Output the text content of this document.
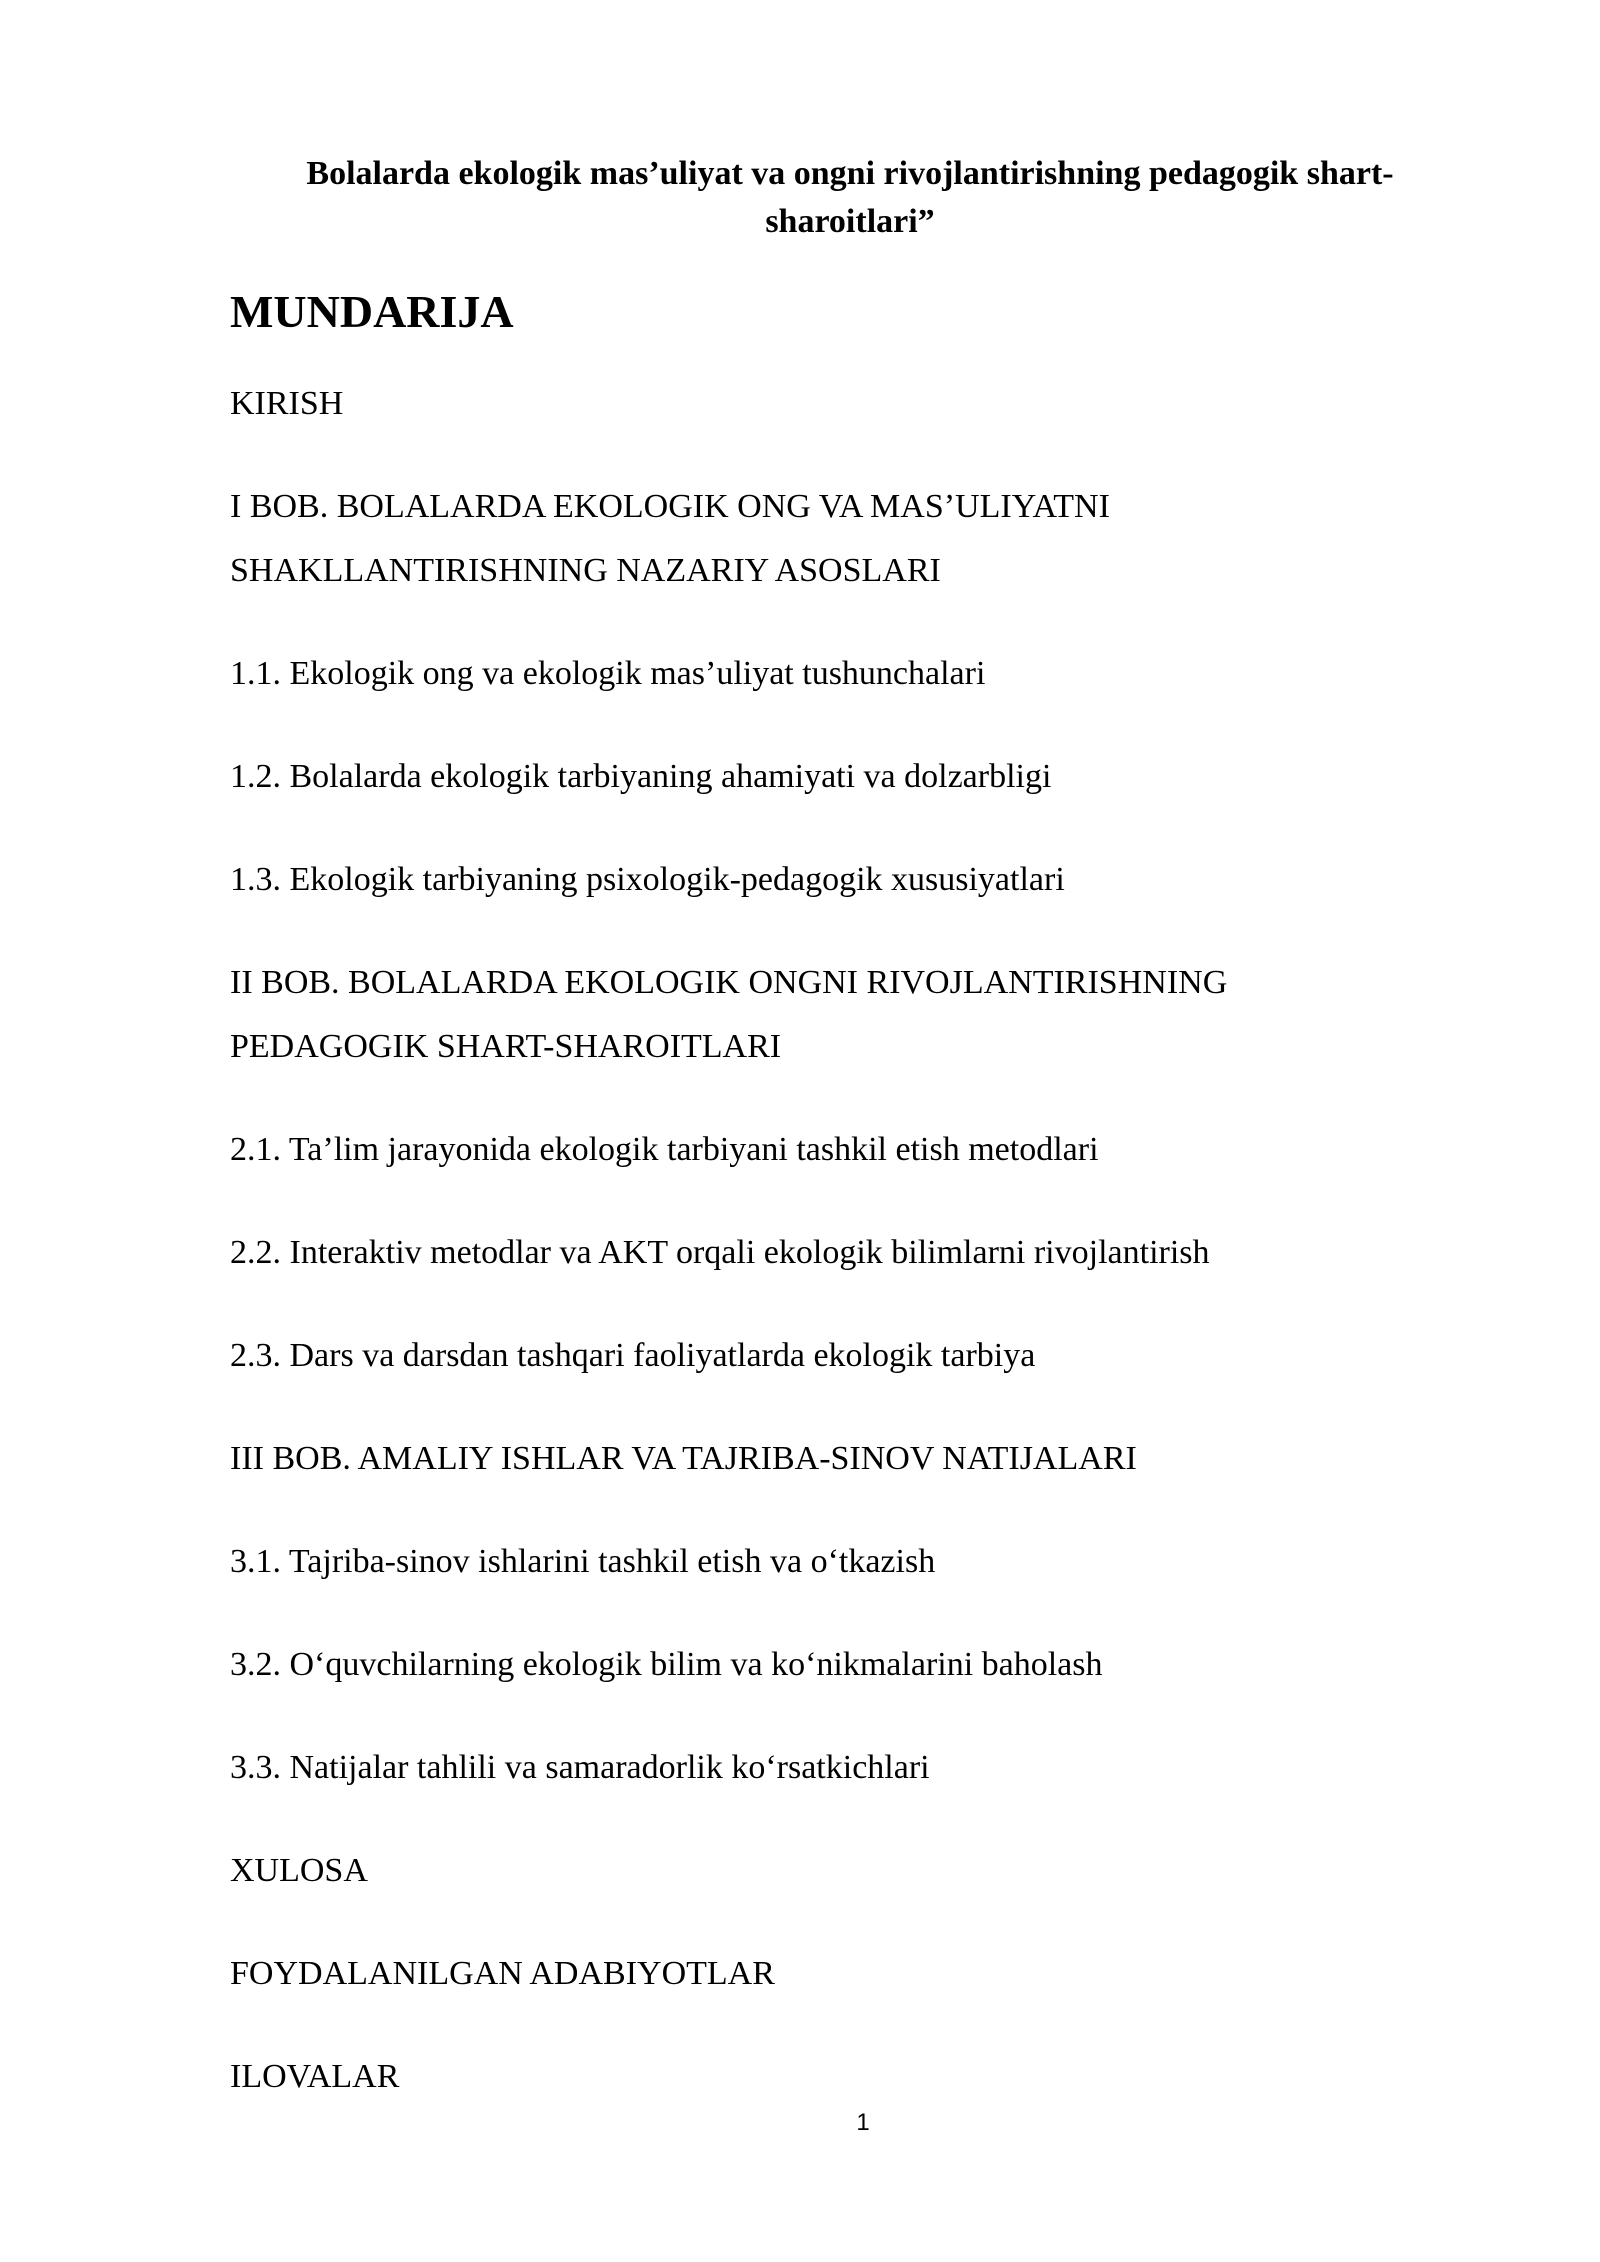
Bolalarda ekologik mas’uliyat va ongni rivojlantirishning pedagogik shart-sharoitlari”
MUNDARIJA
KIRISH
I BOB. BOLALARDA EKOLOGIK ONG VA MAS’ULIYATNI SHAKLLANTIRISHNING NAZARIY ASOSLARI
1.1. Ekologik ong va ekologik mas’uliyat tushunchalari
1.2. Bolalarda ekologik tarbiyaning ahamiyati va dolzarbligi
1.3. Ekologik tarbiyaning psixologik-pedagogik xususiyatlari
II BOB. BOLALARDA EKOLOGIK ONGNI RIVOJLANTIRISHNING PEDAGOGIK SHART-SHAROITLARI
2.1. Ta’lim jarayonida ekologik tarbiyani tashkil etish metodlari
2.2. Interaktiv metodlar va AKT orqali ekologik bilimlarni rivojlantirish
2.3. Dars va darsdan tashqari faoliyatlarda ekologik tarbiya
III BOB. AMALIY ISHLAR VA TAJRIBA-SINOV NATIJALARI
3.1. Tajriba-sinov ishlarini tashkil etish va o‘tkazish
3.2. O‘quvchilarning ekologik bilim va ko‘nikmalarini baholash
3.3. Natijalar tahlili va samaradorlik ko‘rsatkichlari
XULOSA
FOYDALANILGAN ADABIYOTLAR
ILOVALAR
1
